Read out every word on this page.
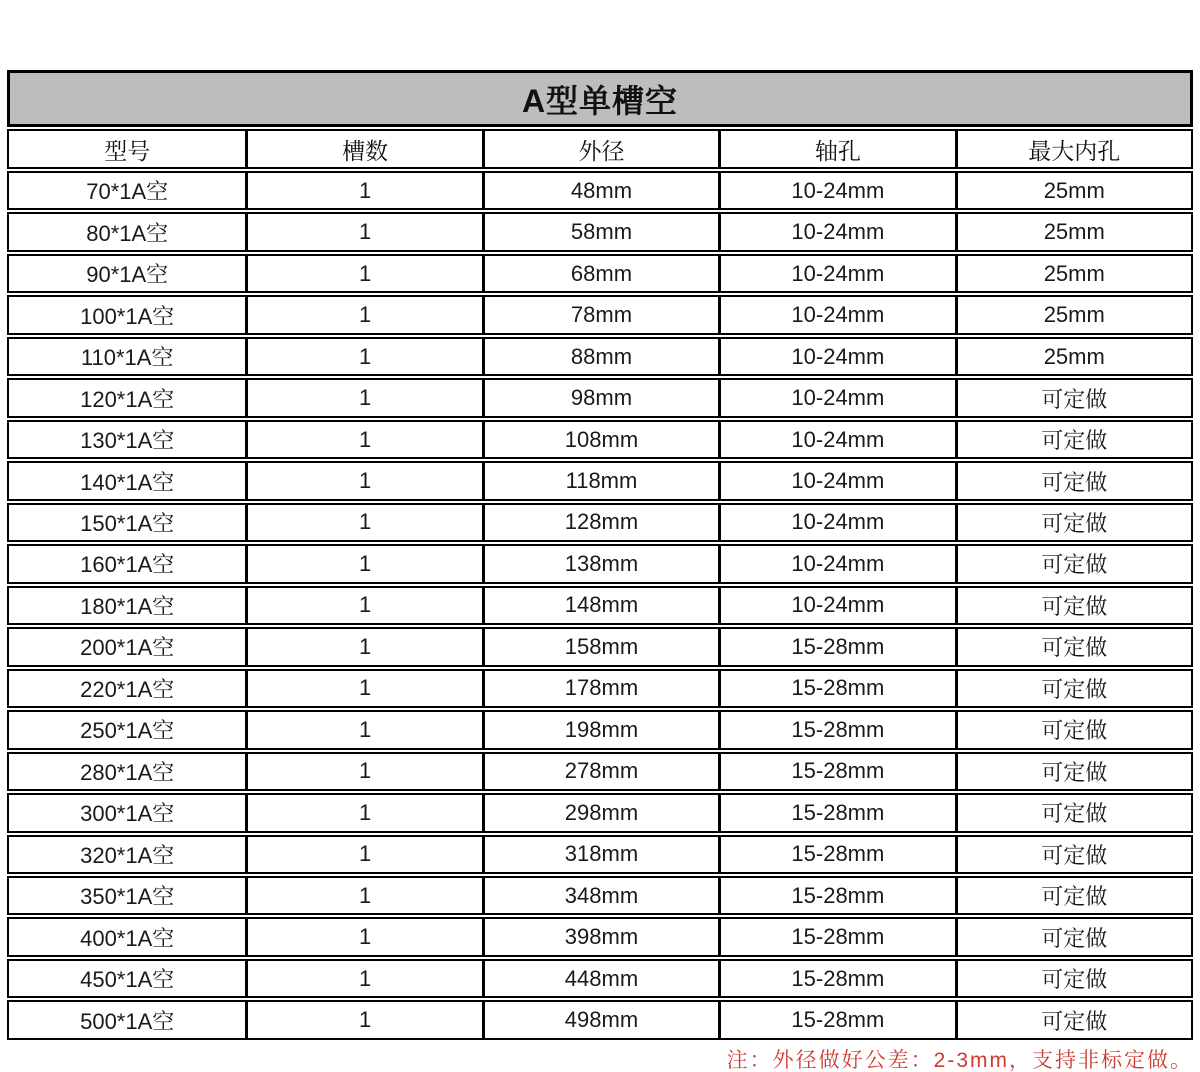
A型单槽空
型号	槽数	外径	轴孔	最大内孔
70*1A空	1	48mm	10-24mm	25mm
80*1A空	1	58mm	10-24mm	25mm
90*1A空	1	68mm	10-24mm	25mm
100*1A空	1	78mm	10-24mm	25mm
110*1A空	1	88mm	10-24mm	25mm
120*1A空	1	98mm	10-24mm	可定做
130*1A空	1	108mm	10-24mm	可定做
140*1A空	1	118mm	10-24mm	可定做
150*1A空	1	128mm	10-24mm	可定做
160*1A空	1	138mm	10-24mm	可定做
180*1A空	1	148mm	10-24mm	可定做
200*1A空	1	158mm	15-28mm	可定做
220*1A空	1	178mm	15-28mm	可定做
250*1A空	1	198mm	15-28mm	可定做
280*1A空	1	278mm	15-28mm	可定做
300*1A空	1	298mm	15-28mm	可定做
320*1A空	1	318mm	15-28mm	可定做
350*1A空	1	348mm	15-28mm	可定做
400*1A空	1	398mm	15-28mm	可定做
450*1A空	1	448mm	15-28mm	可定做
500*1A空	1	498mm	15-28mm	可定做
注：外径做好公差：2-3mm，支持非标定做。
